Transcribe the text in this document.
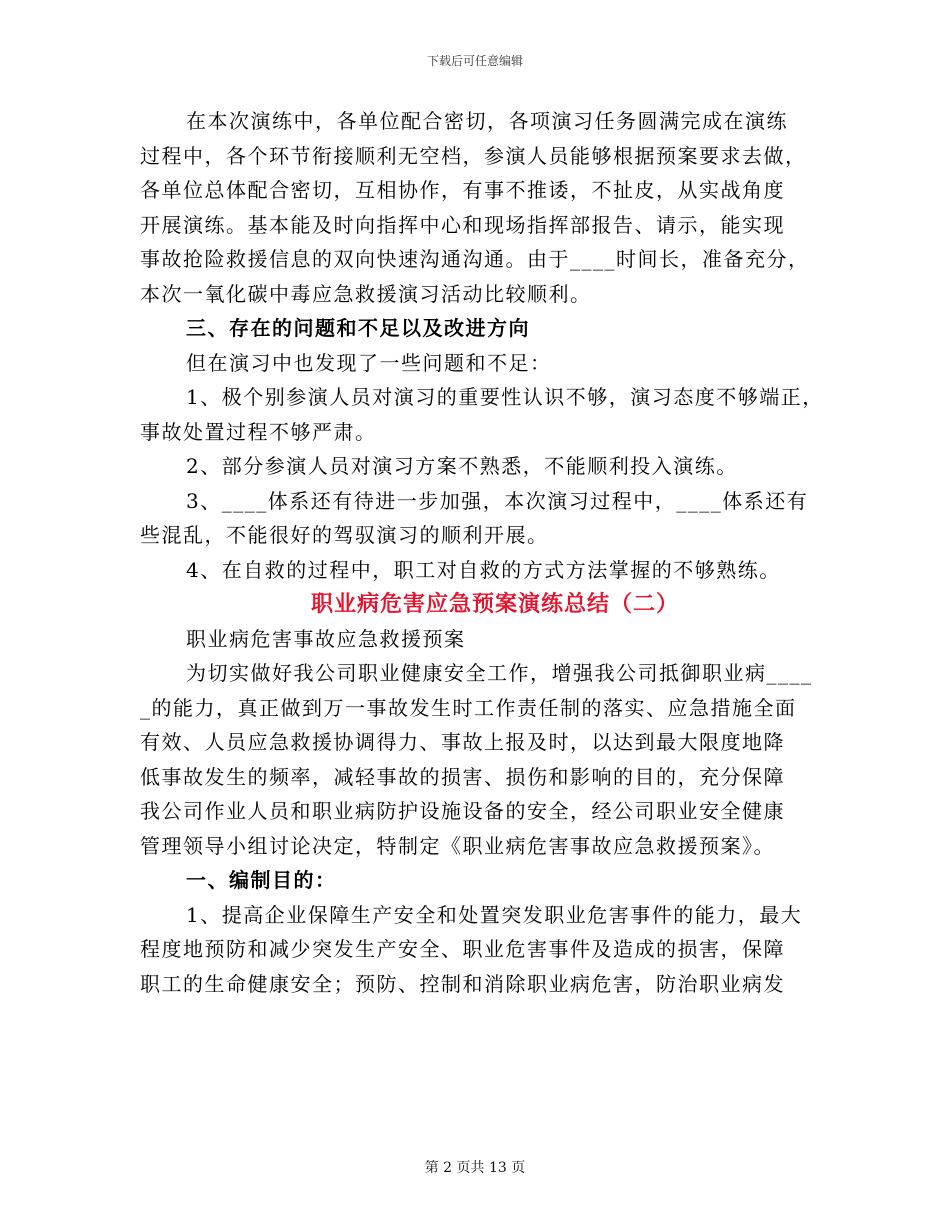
下载后可任意编辑
在本次演练中，各单位配合密切，各项演习任务圆满完成在演练
过程中，各个环节衔接顺利无空档，参演人员能够根据预案要求去做，
各单位总体配合密切，互相协作，有事不推诿，不扯皮，从实战角度
开展演练。基本能及时向指挥中心和现场指挥部报告、请示，能实现
事故抢险救援信息的双向快速沟通沟通。由于____时间长，准备充分，
本次一氧化碳中毒应急救援演习活动比较顺利。
三、存在的问题和不足以及改进方向
但在演习中也发现了一些问题和不足：
1、极个别参演人员对演习的重要性认识不够，演习态度不够端正，
事故处置过程不够严肃。
2、部分参演人员对演习方案不熟悉，不能顺利投入演练。
3、____体系还有待进一步加强，本次演习过程中，____体系还有
些混乱，不能很好的驾驭演习的顺利开展。
4、在自救的过程中，职工对自救的方式方法掌握的不够熟练。
职业病危害应急预案演练总结（二）
职业病危害事故应急救援预案
为切实做好我公司职业健康安全工作，增强我公司抵御职业病____
_的能力，真正做到万一事故发生时工作责任制的落实、应急措施全面
有效、人员应急救援协调得力、事故上报及时，以达到最大限度地降
低事故发生的频率，减轻事故的损害、损伤和影响的目的，充分保障
我公司作业人员和职业病防护设施设备的安全，经公司职业安全健康
管理领导小组讨论决定，特制定《职业病危害事故应急救援预案》。
一、编制目的：
1、提高企业保障生产安全和处置突发职业危害事件的能力，最大
程度地预防和减少突发生产安全、职业危害事件及造成的损害，保障
职工的生命健康安全；预防、控制和消除职业病危害，防治职业病发
第 2 页共 13 页
